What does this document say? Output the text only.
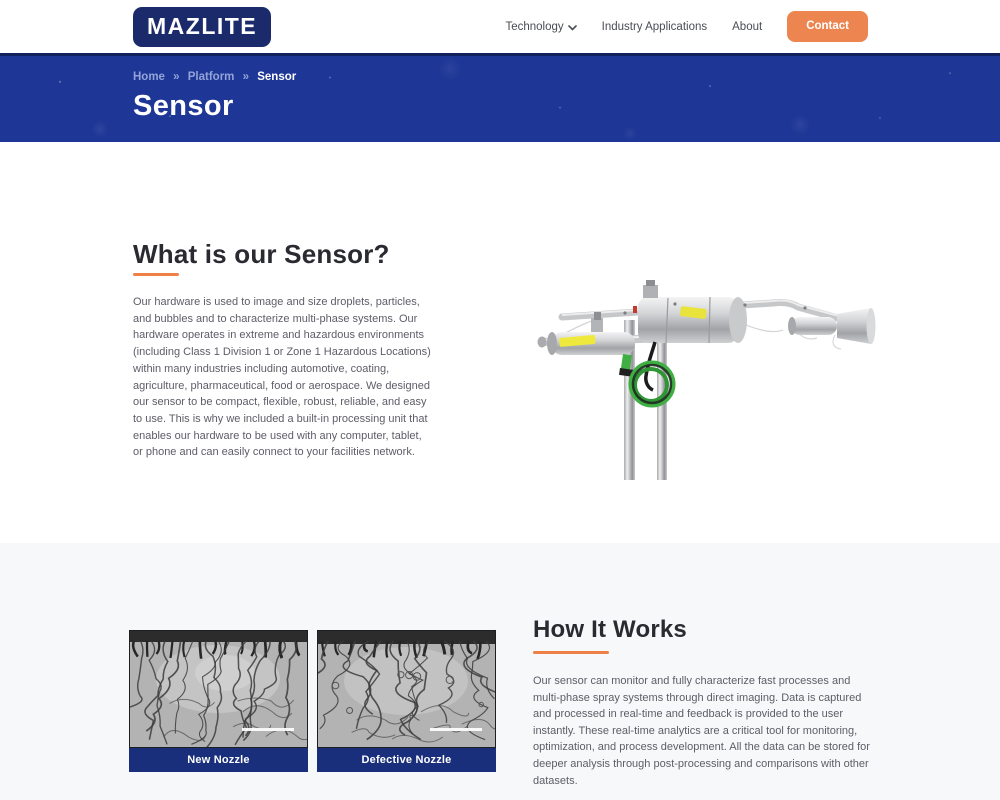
MAZLITE	Technology	Industry Applications About	Contact
Home » Platform » Sensor
Sensor
What is our Sensor?

Our hardware is used to image and size droplets, particles, and bubbles and to characterize multi-phase systems. Our hardware operates in extreme and hazardous environments (including Class 1 Division 1 or Zone 1 Hazardous Locations) within many industries including automotive, coating, agriculture, pharmaceutical, food or aerospace. We designed our sensor to be compact, flexible, robust, reliable, and easy to use. This is why we included a built-in processing unit that enables our hardware to be used with any computer, tablet, or phone and can easily connect to your facilities network.

New Nozzle	Defective Nozzle
How It Works

Our sensor can monitor and fully characterize fast processes and multi-phase spray systems through direct imaging. Data is captured and processed in real-time and feedback is provided to the user instantly. These real-time analytics are a critical tool for monitoring, optimization, and process development. All the data can be stored for deeper analysis through post-processing and comparisons with other datasets.
